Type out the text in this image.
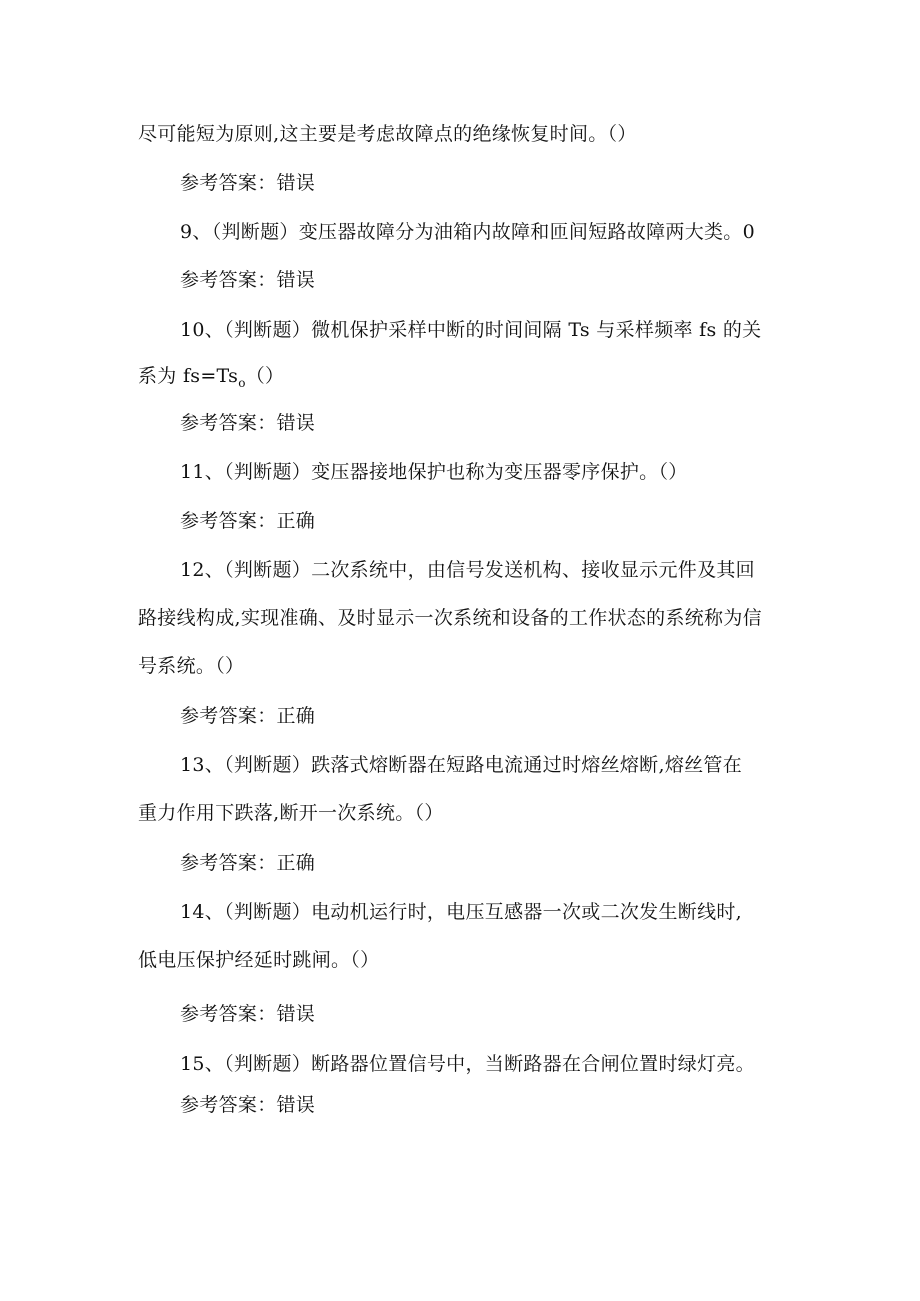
尽可能短为原则,这主要是考虑故障点的绝缘恢复时间。（）
参考答案：错误
9、（判断题）变压器故障分为油箱内故障和匝间短路故障两大类。0
参考答案：错误
10、（判断题）微机保护采样中断的时间间隔 Ts 与采样频率 fs 的关
系为 $fs=Ts_o()$
参考答案：错误
11、（判断题）变压器接地保护也称为变压器零序保护。（）
参考答案：正确
12、（判断题）二次系统中，由信号发送机构、接收显示元件及其回
路接线构成,实现准确、及时显示一次系统和设备的工作状态的系统称为信
号系统。（）
参考答案：正确
13、（判断题）跌落式熔断器在短路电流通过时熔丝熔断,熔丝管在
重力作用下跌落,断开一次系统。（）
参考答案：正确
14、（判断题）电动机运行时，电压互感器一次或二次发生断线时,
低电压保护经延时跳闸。（）
参考答案：错误
15、（判断题）断路器位置信号中，当断路器在合闸位置时绿灯亮。
参考答案：错误
